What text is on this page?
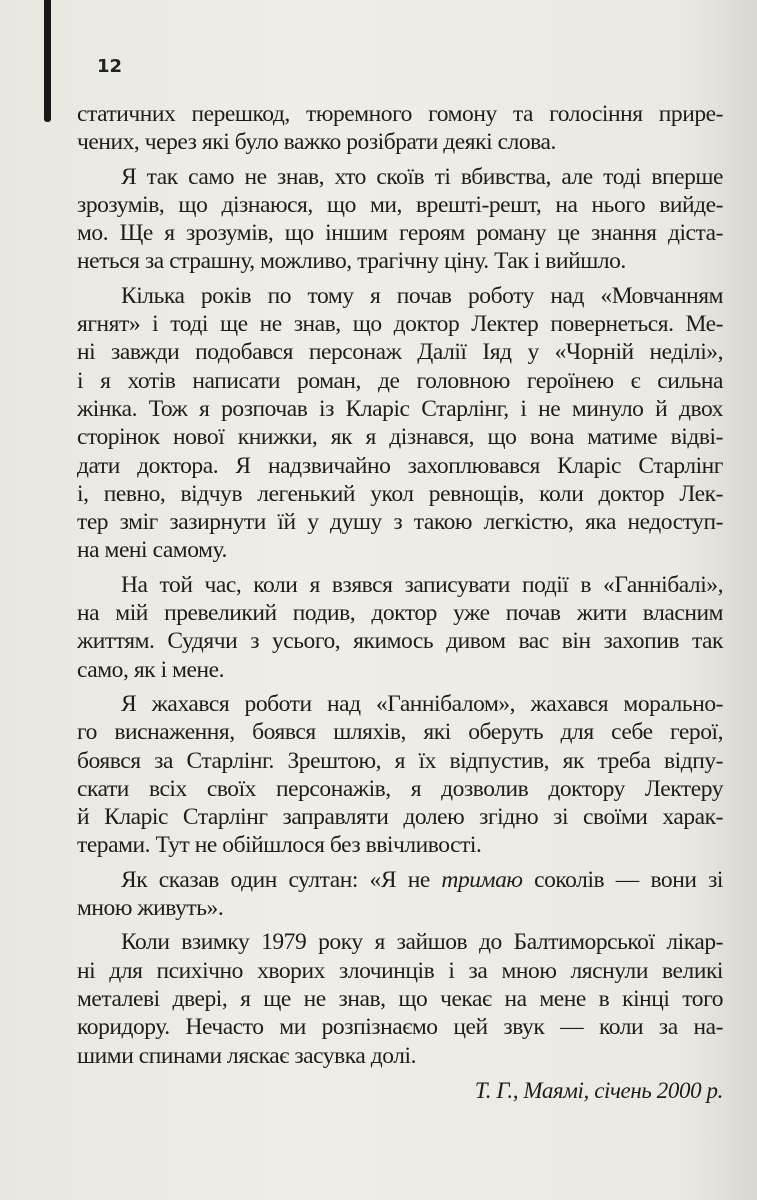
12
статичних перешкод, тюремного гомону та голосіння прире-
чених, через які було важко розібрати деякі слова.
Я так само не знав, хто скоїв ті вбивства, але тоді вперше
зрозумів, що дізнаюся, що ми, врешті-решт, на нього вийде-
мо. Ще я зрозумів, що іншим героям роману це знання діста-
неться за страшну, можливо, трагічну ціну. Так і вийшло.
Кілька років по тому я почав роботу над «Мовчанням
ягнят» і тоді ще не знав, що доктор Лектер повернеться. Ме-
ні завжди подобався персонаж Далії Іяд у «Чорній неділі»,
і я хотів написати роман, де головною героїнею є сильна
жінка. Тож я розпочав із Кларіс Старлінг, і не минуло й двох
сторінок нової книжки, як я дізнався, що вона матиме відві-
дати доктора. Я надзвичайно захоплювався Кларіс Старлінг
і, певно, відчув легенький укол ревнощів, коли доктор Лек-
тер зміг зазирнути їй у душу з такою легкістю, яка недоступ-
на мені самому.
На той час, коли я взявся записувати події в «Ганнібалі»,
на мій превеликий подив, доктор уже почав жити власним
життям. Судячи з усього, якимось дивом вас він захопив так
само, як і мене.
Я жахався роботи над «Ганнібалом», жахався морально-
го виснаження, боявся шляхів, які оберуть для себе герої,
боявся за Старлінг. Зрештою, я їх відпустив, як треба відпу-
скати всіх своїх персонажів, я дозволив доктору Лектеру
й Кларіс Старлінг заправляти долею згідно зі своїми харак-
терами. Тут не обійшлося без ввічливості.
Як сказав один султан: «Я не тримаю соколів — вони зі
мною живуть».
Коли взимку 1979 року я зайшов до Балтиморської лікар-
ні для психічно хворих злочинців і за мною ляснули великі
металеві двері, я ще не знав, що чекає на мене в кінці того
коридору. Нечасто ми розпізнаємо цей звук — коли за на-
шими спинами ляскає засувка долі.
Т. Г., Маямі, січень 2000 р.
